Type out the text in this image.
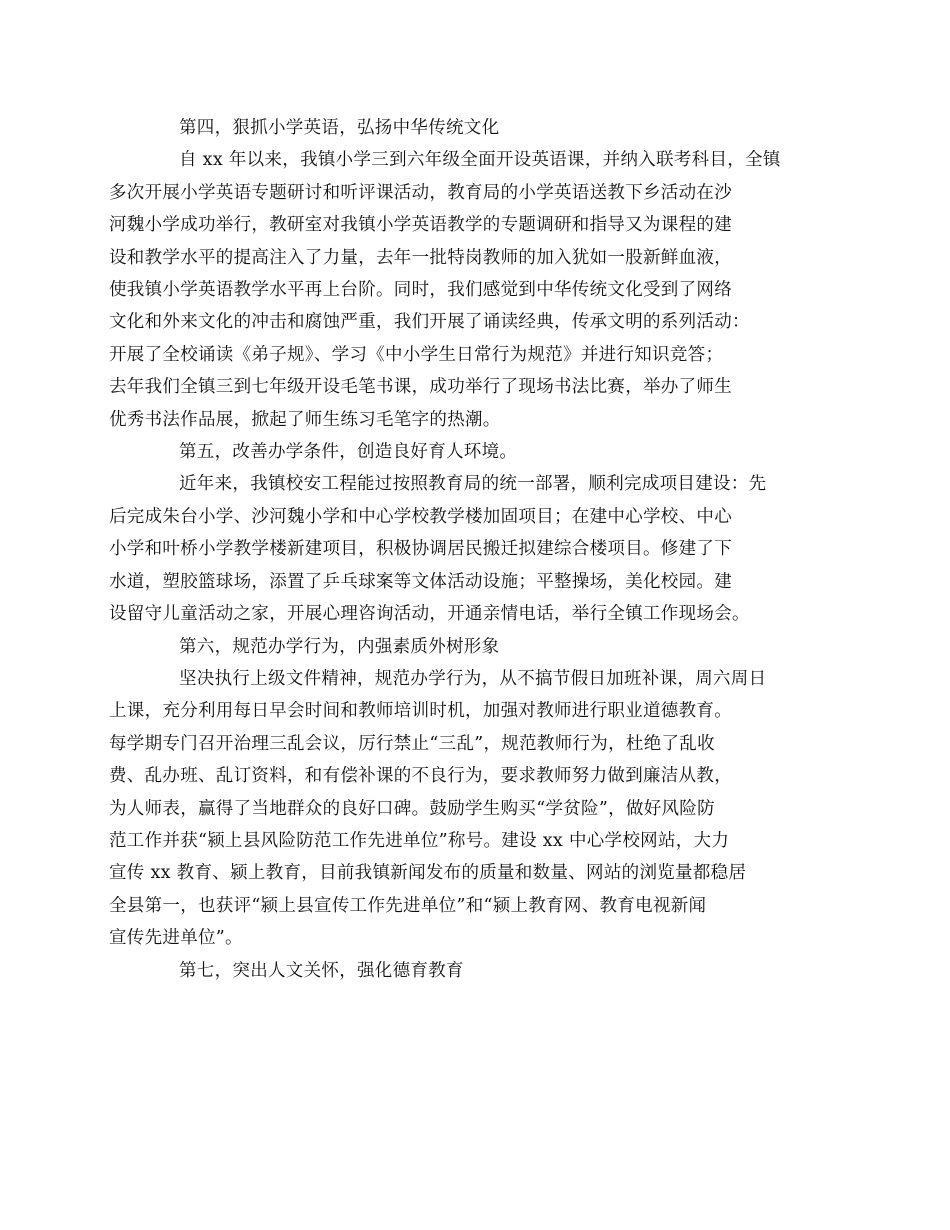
第四，狠抓小学英语，弘扬中华传统文化

自 xx 年以来，我镇小学三到六年级全面开设英语课，并纳入联考科目，全镇
多次开展小学英语专题研讨和听评课活动，教育局的小学英语送教下乡活动在沙
河魏小学成功举行，教研室对我镇小学英语教学的专题调研和指导又为课程的建
设和教学水平的提高注入了力量，去年一批特岗教师的加入犹如一股新鲜血液，
使我镇小学英语教学水平再上台阶。同时，我们感觉到中华传统文化受到了网络
文化和外来文化的冲击和腐蚀严重，我们开展了诵读经典，传承文明的系列活动：
开展了全校诵读《弟子规》、学习《中小学生日常行为规范》并进行知识竞答；
去年我们全镇三到七年级开设毛笔书课，成功举行了现场书法比赛，举办了师生
优秀书法作品展，掀起了师生练习毛笔字的热潮。

第五，改善办学条件，创造良好育人环境。

近年来，我镇校安工程能过按照教育局的统一部署，顺利完成项目建设：先
后完成朱台小学、沙河魏小学和中心学校教学楼加固项目；在建中心学校、中心
小学和叶桥小学教学楼新建项目，积极协调居民搬迁拟建综合楼项目。修建了下
水道，塑胶篮球场，添置了乒乓球案等文体活动设施；平整操场，美化校园。建
设留守儿童活动之家，开展心理咨询活动，开通亲情电话，举行全镇工作现场会。

第六，规范办学行为，内强素质外树形象

坚决执行上级文件精神，规范办学行为，从不搞节假日加班补课，周六周日
上课，充分利用每日早会时间和教师培训时机，加强对教师进行职业道德教育。
每学期专门召开治理三乱会议，厉行禁止“三乱”，规范教师行为，杜绝了乱收
费、乱办班、乱订资料，和有偿补课的不良行为，要求教师努力做到廉洁从教，
为人师表，赢得了当地群众的良好口碑。鼓励学生购买“学贫险”，做好风险防
范工作并获“颍上县风险防范工作先进单位”称号。建设 xx 中心学校网站，大力
宣传 xx 教育、颍上教育，目前我镇新闻发布的质量和数量、网站的浏览量都稳居
全县第一，也获评“颍上县宣传工作先进单位”和“颍上教育网、教育电视新闻
宣传先进单位”。

第七，突出人文关怀，强化德育教育
